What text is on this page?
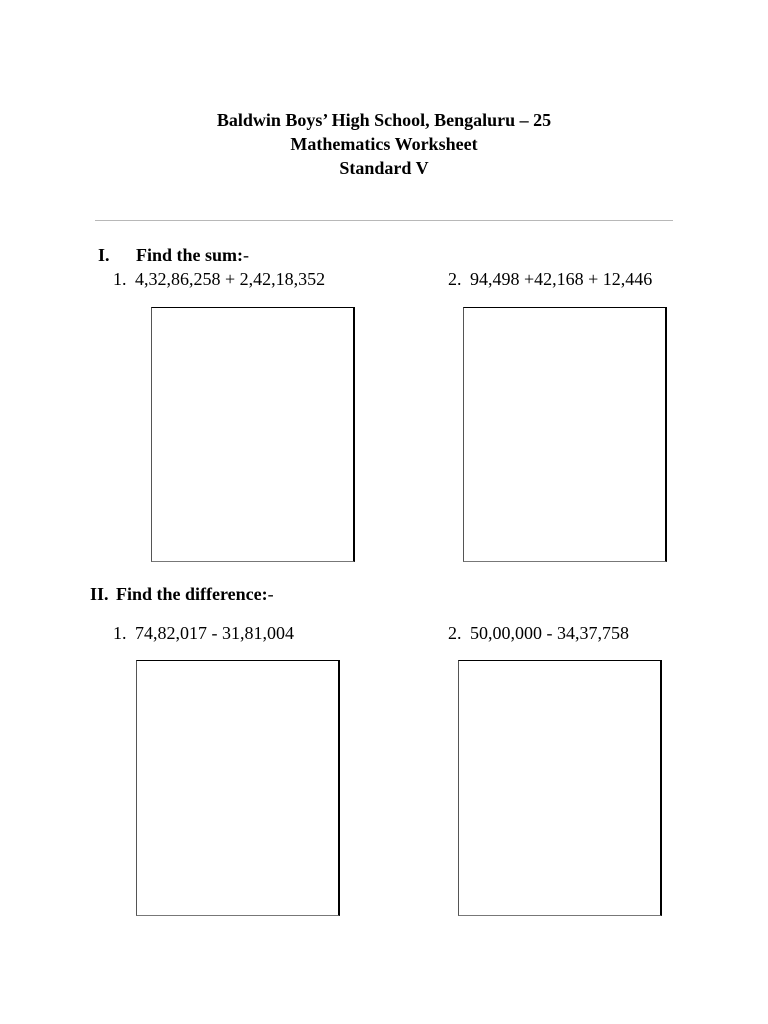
Baldwin Boys’ High School, Bengaluru – 25
Mathematics Worksheet
Standard V
I. Find the sum:-
1. 4,32,86,258 + 2,42,18,352	2. 94,498 +42,168 + 12,446
II. Find the difference:-
1. 74,82,017 - 31,81,004	2. 50,00,000 - 34,37,758
